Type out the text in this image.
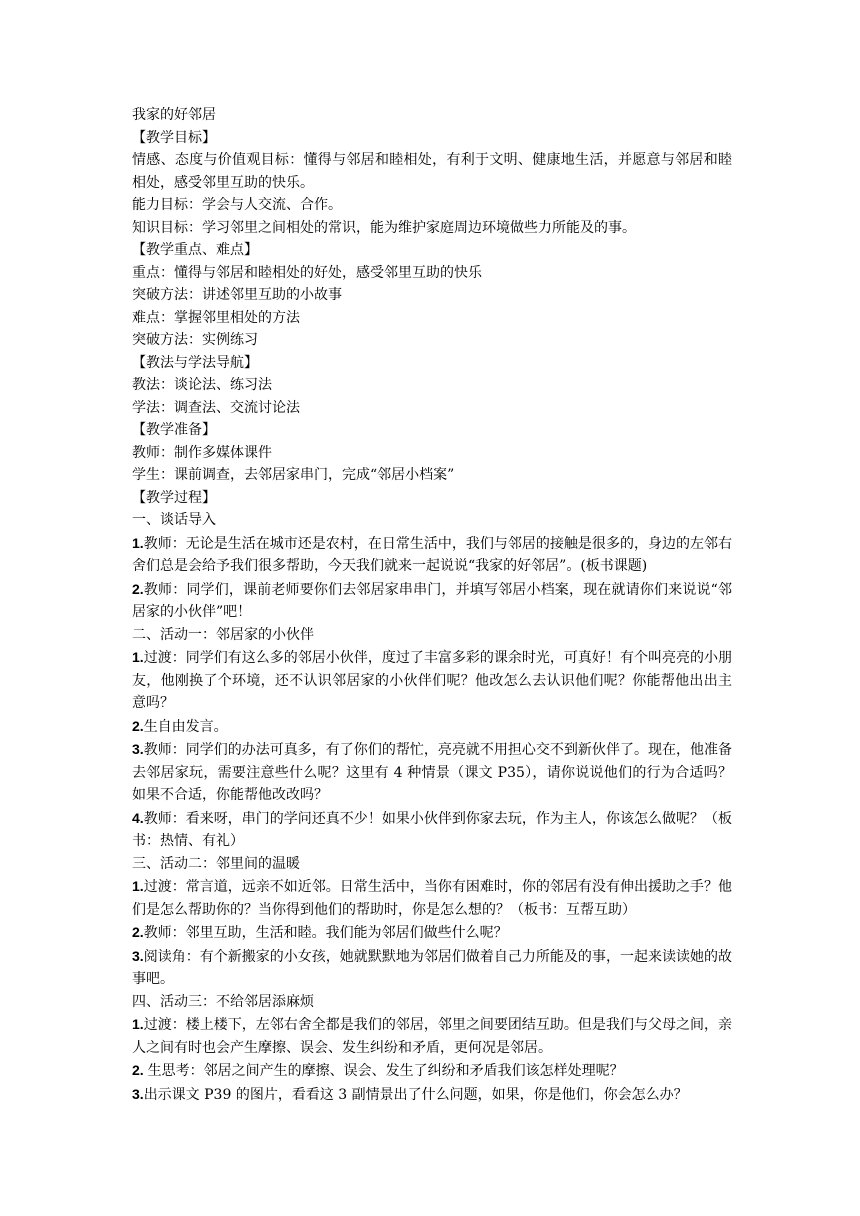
我家的好邻居
【教学目标】
情感、态度与价值观目标：懂得与邻居和睦相处，有利于文明、健康地生活，并愿意与邻居和睦相处，感受邻里互助的快乐。
能力目标：学会与人交流、合作。
知识目标：学习邻里之间相处的常识，能为维护家庭周边环境做些力所能及的事。
【教学重点、难点】
重点：懂得与邻居和睦相处的好处，感受邻里互助的快乐
突破方法：讲述邻里互助的小故事
难点：掌握邻里相处的方法
突破方法：实例练习
【教法与学法导航】
教法：谈论法、练习法
学法：调查法、交流讨论法
【教学准备】
教师：制作多媒体课件
学生：课前调查，去邻居家串门，完成“邻居小档案”
【教学过程】
一、谈话导入
1.教师：无论是生活在城市还是农村，在日常生活中，我们与邻居的接触是很多的，身边的左邻右舍们总是会给予我们很多帮助，今天我们就来一起说说“我家的好邻居”。(板书课题)
2.教师：同学们，课前老师要你们去邻居家串串门，并填写邻居小档案，现在就请你们来说说“邻居家的小伙伴”吧！
二、活动一：邻居家的小伙伴
1.过渡：同学们有这么多的邻居小伙伴，度过了丰富多彩的课余时光，可真好！有个叫亮亮的小朋友，他刚换了个环境，还不认识邻居家的小伙伴们呢？他改怎么去认识他们呢？你能帮他出出主意吗？
2.生自由发言。
3.教师：同学们的办法可真多，有了你们的帮忙，亮亮就不用担心交不到新伙伴了。现在，他准备去邻居家玩，需要注意些什么呢？这里有 4 种情景（课文 P35），请你说说他们的行为合适吗？如果不合适，你能帮他改改吗？
4.教师：看来呀，串门的学问还真不少！如果小伙伴到你家去玩，作为主人，你该怎么做呢？（板书：热情、有礼）
三、活动二：邻里间的温暖
1.过渡：常言道，远亲不如近邻。日常生活中，当你有困难时，你的邻居有没有伸出援助之手？他们是怎么帮助你的？当你得到他们的帮助时，你是怎么想的？（板书：互帮互助）
2.教师：邻里互助，生活和睦。我们能为邻居们做些什么呢？
3.阅读角：有个新搬家的小女孩，她就默默地为邻居们做着自己力所能及的事，一起来读读她的故事吧。
四、活动三：不给邻居添麻烦
1.过渡：楼上楼下，左邻右舍全都是我们的邻居，邻里之间要团结互助。但是我们与父母之间，亲人之间有时也会产生摩擦、误会、发生纠纷和矛盾，更何况是邻居。
2. 生思考：邻居之间产生的摩擦、误会、发生了纠纷和矛盾我们该怎样处理呢？
3.出示课文 P39 的图片，看看这 3 副情景出了什么问题，如果，你是他们，你会怎么办？
